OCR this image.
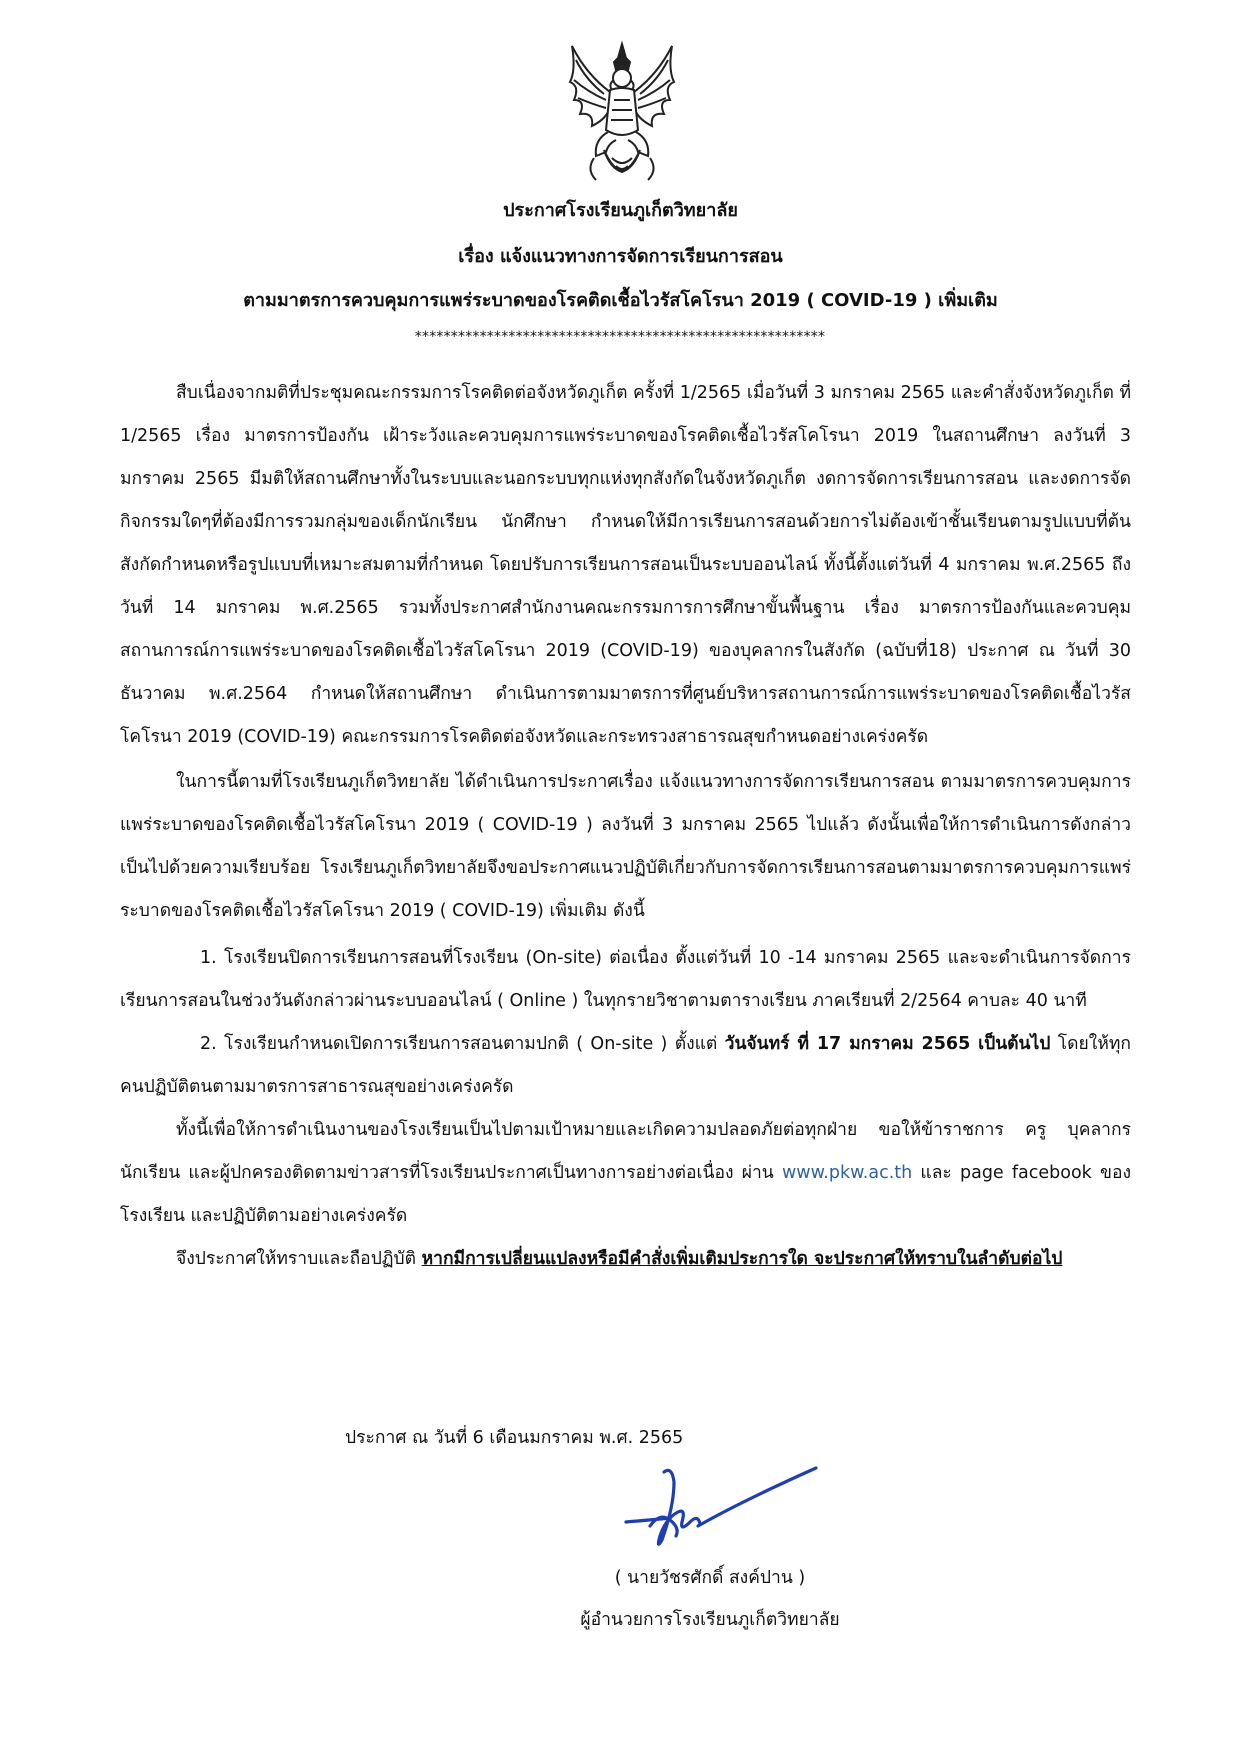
ประกาศโรงเรียนภูเก็ตวิทยาลัย
เรื่อง แจ้งแนวทางการจัดการเรียนการสอน
ตามมาตรการควบคุมการแพร่ระบาดของโรคติดเชื้อไวรัสโคโรนา 2019 ( COVID-19 ) เพิ่มเติม
*********************************************************

สืบเนื่องจากมติที่ประชุมคณะกรรมการโรคติดต่อจังหวัดภูเก็ต ครั้งที่ 1/2565 เมื่อวันที่ 3 มกราคม 2565 และคำสั่งจังหวัดภูเก็ต ที่ 1/2565 เรื่อง มาตรการป้องกัน เฝ้าระวังและควบคุมการแพร่ระบาดของโรคติดเชื้อไวรัสโคโรนา 2019 ในสถานศึกษา ลงวันที่ 3 มกราคม 2565 มีมติให้สถานศึกษาทั้งในระบบและนอกระบบทุกแห่งทุกสังกัดในจังหวัดภูเก็ต งดการจัดการเรียนการสอน และงดการจัดกิจกรรมใดๆที่ต้องมีการรวมกลุ่มของเด็กนักเรียน นักศึกษา กำหนดให้มีการเรียนการสอนด้วยการไม่ต้องเข้าชั้นเรียนตามรูปแบบที่ต้นสังกัดกำหนดหรือรูปแบบที่เหมาะสมตามที่กำหนด โดยปรับการเรียนการสอนเป็นระบบออนไลน์ ทั้งนี้ตั้งแต่วันที่ 4 มกราคม พ.ศ.2565 ถึงวันที่ 14 มกราคม พ.ศ.2565 รวมทั้งประกาศสำนักงานคณะกรรมการการศึกษาขั้นพื้นฐาน เรื่อง มาตรการป้องกันและควบคุมสถานการณ์การแพร่ระบาดของโรคติดเชื้อไวรัสโคโรนา 2019 (COVID-19) ของบุคลากรในสังกัด (ฉบับที่18) ประกาศ ณ วันที่ 30 ธันวาคม พ.ศ.2564 กำหนดให้สถานศึกษา ดำเนินการตามมาตรการที่ศูนย์บริหารสถานการณ์การแพร่ระบาดของโรคติดเชื้อไวรัสโคโรนา 2019 (COVID-19) คณะกรรมการโรคติดต่อจังหวัดและกระทรวงสาธารณสุขกำหนดอย่างเคร่งครัด

ในการนี้ตามที่โรงเรียนภูเก็ตวิทยาลัย ได้ดำเนินการประกาศเรื่อง แจ้งแนวทางการจัดการเรียนการสอน ตามมาตรการควบคุมการแพร่ระบาดของโรคติดเชื้อไวรัสโคโรนา 2019 ( COVID-19 ) ลงวันที่ 3 มกราคม 2565 ไปแล้ว ดังนั้นเพื่อให้การดำเนินการดังกล่าวเป็นไปด้วยความเรียบร้อย โรงเรียนภูเก็ตวิทยาลัยจึงขอประกาศแนวปฏิบัติเกี่ยวกับการจัดการเรียนการสอนตามมาตรการควบคุมการแพร่ระบาดของโรคติดเชื้อไวรัสโคโรนา 2019 ( COVID-19) เพิ่มเติม ดังนี้

1. โรงเรียนปิดการเรียนการสอนที่โรงเรียน (On-site) ต่อเนื่อง ตั้งแต่วันที่ 10 -14 มกราคม 2565 และจะดำเนินการจัดการเรียนการสอนในช่วงวันดังกล่าวผ่านระบบออนไลน์ ( Online ) ในทุกรายวิชาตามตารางเรียน ภาคเรียนที่ 2/2564 คาบละ 40 นาที

2. โรงเรียนกำหนดเปิดการเรียนการสอนตามปกติ ( On-site ) ตั้งแต่ วันจันทร์ ที่ 17 มกราคม 2565 เป็นต้นไป โดยให้ทุกคนปฏิบัติตนตามมาตรการสาธารณสุขอย่างเคร่งครัด

ทั้งนี้เพื่อให้การดำเนินงานของโรงเรียนเป็นไปตามเป้าหมายและเกิดความปลอดภัยต่อทุกฝ่าย ขอให้ข้าราชการ ครู บุคลากร นักเรียน และผู้ปกครองติดตามข่าวสารที่โรงเรียนประกาศเป็นทางการอย่างต่อเนื่อง ผ่าน www.pkw.ac.th และ page facebook ของโรงเรียน และปฏิบัติตามอย่างเคร่งครัด

จึงประกาศให้ทราบและถือปฏิบัติ หากมีการเปลี่ยนแปลงหรือมีคำสั่งเพิ่มเติมประการใด จะประกาศให้ทราบในลำดับต่อไป

ประกาศ ณ วันที่ 6 เดือนมกราคม พ.ศ. 2565
( นายวัชรศักดิ์ สงค์ปาน )
ผู้อำนวยการโรงเรียนภูเก็ตวิทยาลัย
